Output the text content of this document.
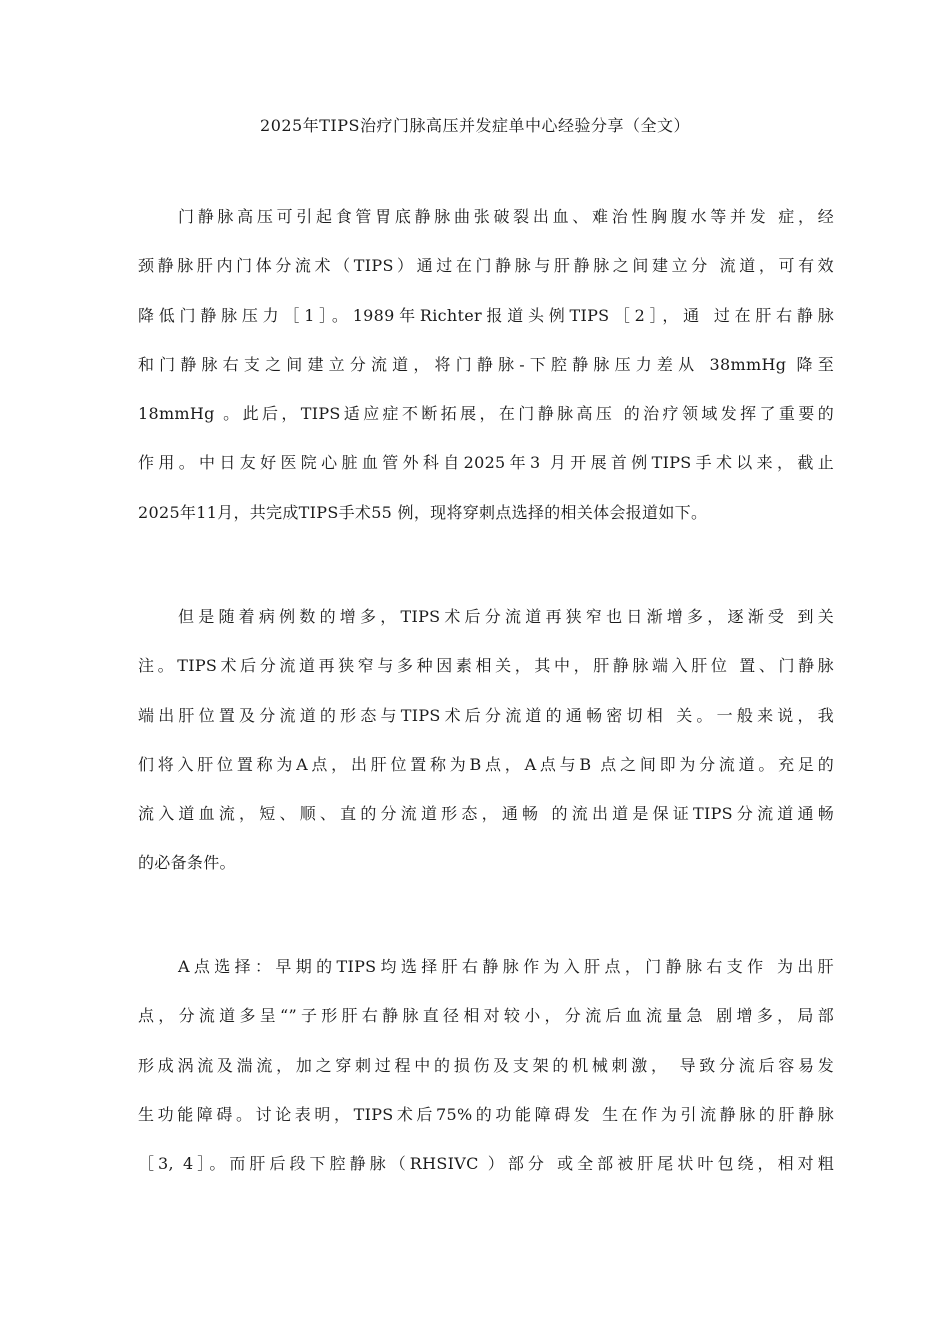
2025年TIPS治疗门脉高压并发症单中心经验分享（全文）
门静脉高压可引起食管胃底静脉曲张破裂出血、难治性胸腹水等并发 症，经
颈静脉肝内门体分流术（TIPS）通过在门静脉与肝静脉之间建立分 流道，可有效
降低门静脉压力［1］。1989年Richter报道头例TIPS［2］，通 过在肝右静脉
和门静脉右支之间建立分流道，将门静脉-下腔静脉压力差从 38mmHg 降至
18mmHg 。此后，TIPS适应症不断拓展，在门静脉高压 的治疗领域发挥了重要的
作用。中日友好医院心脏血管外科自2025年3 月开展首例TIPS手术以来，截止
2025年11月，共完成TIPS手术55 例，现将穿刺点选择的相关体会报道如下。
但是随着病例数的增多，TIPS术后分流道再狭窄也日渐增多，逐渐受 到关
注。TIPS术后分流道再狭窄与多种因素相关，其中，肝静脉端入肝位 置、门静脉
端出肝位置及分流道的形态与TIPS术后分流道的通畅密切相 关。一般来说，我
们将入肝位置称为A点，出肝位置称为B点，A点与B 点之间即为分流道。充足的
流入道血流，短、顺、直的分流道形态，通畅 的流出道是保证TIPS分流道通畅
的必备条件。
A点选择：早期的TIPS均选择肝右静脉作为入肝点，门静脉右支作 为出肝
点，分流道多呈“”子形肝右静脉直径相对较小，分流后血流量急 剧增多，局部
形成涡流及湍流，加之穿刺过程中的损伤及支架的机械刺激， 导致分流后容易发
生功能障碍。讨论表明，TIPS术后75%的功能障碍发 生在作为引流静脉的肝静脉
［3, 4］。而肝后段下腔静脉（RHSIVC ）部分 或全部被肝尾状叶包绕，相对粗
